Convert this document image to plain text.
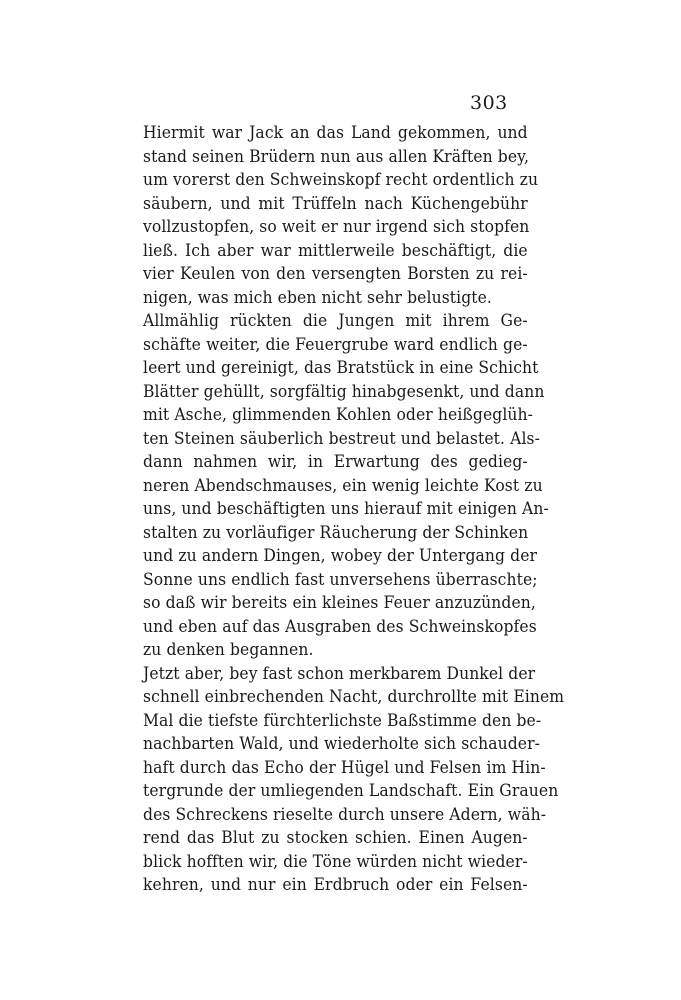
303
Hiermit war Jack an das Land gekommen, und
stand seinen Brüdern nun aus allen Kräften bey,
um vorerst den Schweinskopf recht ordentlich zu
säubern, und mit Trüffeln nach Küchengebühr
vollzustopfen, so weit er nur irgend sich stopfen
ließ. Ich aber war mittlerweile beschäftigt, die
vier Keulen von den versengten Borsten zu rei-
nigen, was mich eben nicht sehr belustigte.
Allmählig rückten die Jungen mit ihrem Ge-
schäfte weiter, die Feuergrube ward endlich ge-
leert und gereinigt, das Bratstück in eine Schicht
Blätter gehüllt, sorgfältig hinabgesenkt, und dann
mit Asche, glimmenden Kohlen oder heißgeglüh-
ten Steinen säuberlich bestreut und belastet. Als-
dann nahmen wir, in Erwartung des gedieg-
neren Abendschmauses, ein wenig leichte Kost zu
uns, und beschäftigten uns hierauf mit einigen An-
stalten zu vorläufiger Räucherung der Schinken
und zu andern Dingen, wobey der Untergang der
Sonne uns endlich fast unversehens überraschte;
so daß wir bereits ein kleines Feuer anzuzünden,
und eben auf das Ausgraben des Schweinskopfes
zu denken begannen.
Jetzt aber, bey fast schon merkbarem Dunkel der
schnell einbrechenden Nacht, durchrollte mit Einem
Mal die tiefste fürchterlichste Baßstimme den be-
nachbarten Wald, und wiederholte sich schauder-
haft durch das Echo der Hügel und Felsen im Hin-
tergrunde der umliegenden Landschaft. Ein Grauen
des Schreckens rieselte durch unsere Adern, wäh-
rend das Blut zu stocken schien. Einen Augen-
blick hofften wir, die Töne würden nicht wieder-
kehren, und nur ein Erdbruch oder ein Felsen-
